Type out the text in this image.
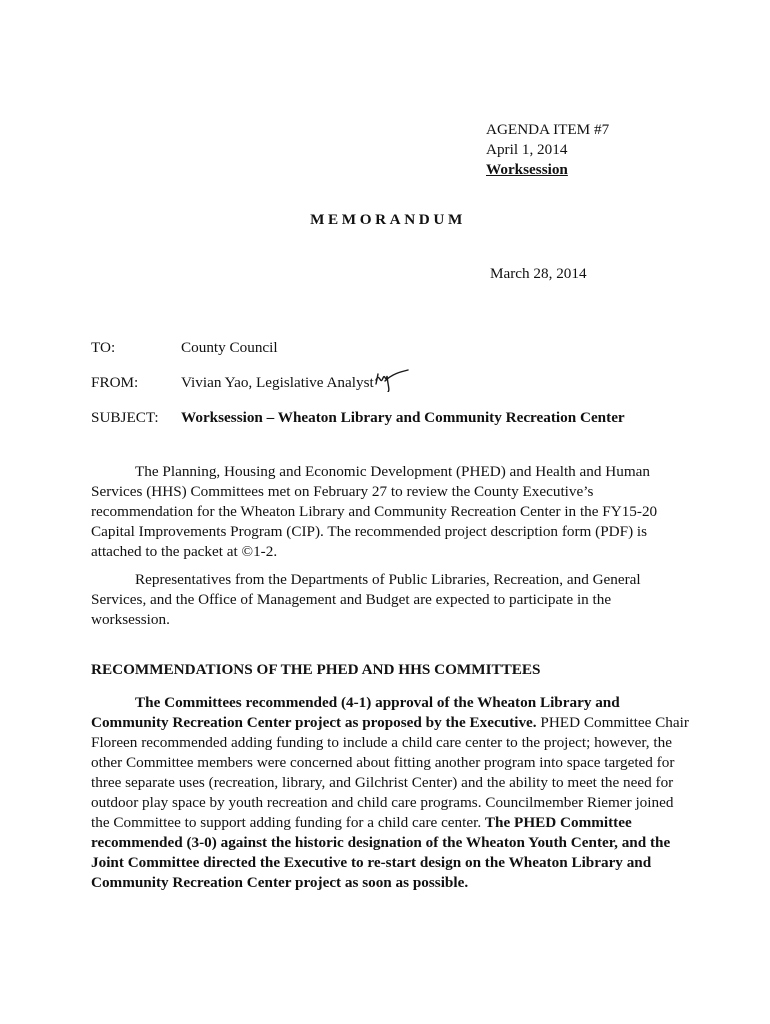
AGENDA ITEM #7
April 1, 2014
Worksession
MEMORANDUM
March 28, 2014
TO:	County Council
FROM:	Vivian Yao, Legislative Analyst
SUBJECT: Worksession – Wheaton Library and Community Recreation Center

The Planning, Housing and Economic Development (PHED) and Health and Human Services (HHS) Committees met on February 27 to review the County Executive’s recommendation for the Wheaton Library and Community Recreation Center in the FY15-20 Capital Improvements Program (CIP). The recommended project description form (PDF) is attached to the packet at ©1-2.

Representatives from the Departments of Public Libraries, Recreation, and General Services, and the Office of Management and Budget are expected to participate in the worksession.

RECOMMENDATIONS OF THE PHED AND HHS COMMITTEES

The Committees recommended (4-1) approval of the Wheaton Library and Community Recreation Center project as proposed by the Executive. PHED Committee Chair Floreen recommended adding funding to include a child care center to the project; however, the other Committee members were concerned about fitting another program into space targeted for three separate uses (recreation, library, and Gilchrist Center) and the ability to meet the need for outdoor play space by youth recreation and child care programs. Councilmember Riemer joined the Committee to support adding funding for a child care center. The PHED Committee recommended (3-0) against the historic designation of the Wheaton Youth Center, and the Joint Committee directed the Executive to re-start design on the Wheaton Library and Community Recreation Center project as soon as possible.
